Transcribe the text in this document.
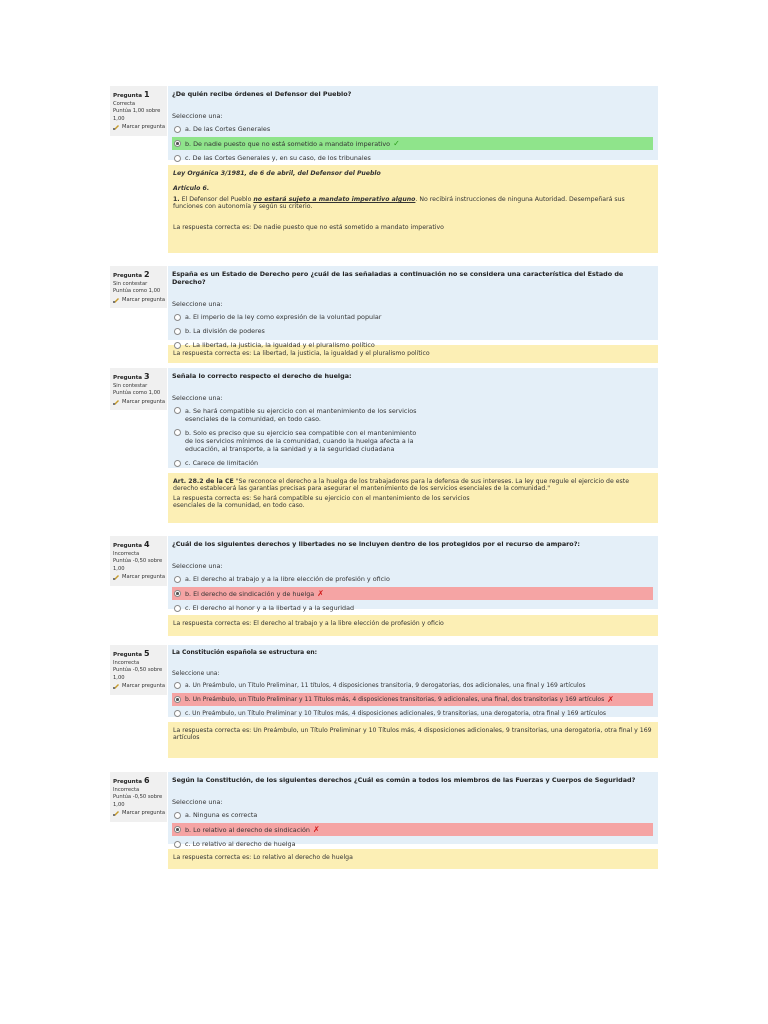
Pregunta 1
Correcta
Puntúa 1,00 sobre 1,00
Marcar pregunta
¿De quién recibe órdenes el Defensor del Pueblo?
Seleccione una:
a. De las Cortes Generales
b. De nadie puesto que no está sometido a mandato imperativo ✓
c. De las Cortes Generales y, en su caso, de los tribunales
Ley Orgánica 3/1981, de 6 de abril, del Defensor del Pueblo
Artículo 6.
1. El Defensor del Pueblo no estará sujeto a mandato imperativo alguno. No recibirá instrucciones de ninguna Autoridad. Desempeñará sus funciones con autonomía y según su criterio.
La respuesta correcta es: De nadie puesto que no está sometido a mandato imperativo
Pregunta 2
Sin contestar
Puntúa como 1,00
Marcar pregunta
España es un Estado de Derecho pero ¿cuál de las señaladas a continuación no se considera una característica del Estado de Derecho?
Seleccione una:
a. El imperio de la ley como expresión de la voluntad popular
b. La división de poderes
c. La libertad, la justicia, la igualdad y el pluralismo político
La respuesta correcta es: La libertad, la justicia, la igualdad y el pluralismo político
Pregunta 3
Sin contestar
Puntúa como 1,00
Marcar pregunta
Señala lo correcto respecto el derecho de huelga:
Seleccione una:
a. Se hará compatible su ejercicio con el mantenimiento de los servicios
esenciales de la comunidad, en todo caso.
b. Solo es preciso que su ejercicio sea compatible con el mantenimiento
de los servicios mínimos de la comunidad, cuando la huelga afecta a la
educación, al transporte, a la sanidad y a la seguridad ciudadana
c. Carece de limitación
Art. 28.2 de la CE "Se reconoce el derecho a la huelga de los trabajadores para la defensa de sus intereses. La ley que regule el ejercicio de este derecho establecerá las garantías precisas para asegurar el mantenimiento de los servicios esenciales de la comunidad."
La respuesta correcta es: Se hará compatible su ejercicio con el mantenimiento de los servicios
esenciales de la comunidad, en todo caso.
Pregunta 4
Incorrecta
Puntúa -0,50 sobre 1,00
Marcar pregunta
¿Cuál de los siguientes derechos y libertades no se incluyen dentro de los protegidos por el recurso de amparo?:
Seleccione una:
a. El derecho al trabajo y a la libre elección de profesión y oficio
b. El derecho de sindicación y de huelga ✗
c. El derecho al honor y a la libertad y a la seguridad
La respuesta correcta es: El derecho al trabajo y a la libre elección de profesión y oficio
Pregunta 5
Incorrecta
Puntúa -0,50 sobre 1,00
Marcar pregunta
La Constitución española se estructura en:
Seleccione una:
a. Un Preámbulo, un Título Preliminar, 11 títulos, 4 disposiciones transitoria, 9 derogatorias, dos adicionales, una final y 169 artículos
b. Un Preámbulo, un Título Preliminar y 11 Títulos más, 4 disposiciones transitorias, 9 adicionales, una final, dos transitorias y 169 artículos ✗
c. Un Preámbulo, un Título Preliminar y 10 Títulos más, 4 disposiciones adicionales, 9 transitorias, una derogatoria, otra final y 169 artículos
La respuesta correcta es: Un Preámbulo, un Título Preliminar y 10 Títulos más, 4 disposiciones adicionales, 9 transitorias, una derogatoria, otra final y 169 artículos
Pregunta 6
Incorrecta
Puntúa -0,50 sobre 1,00
Marcar pregunta
Según la Constitución, de los siguientes derechos ¿Cuál es común a todos los miembros de las Fuerzas y Cuerpos de Seguridad?
Seleccione una:
a. Ninguna es correcta
b. Lo relativo al derecho de sindicación ✗
c. Lo relativo al derecho de huelga
La respuesta correcta es: Lo relativo al derecho de huelga
